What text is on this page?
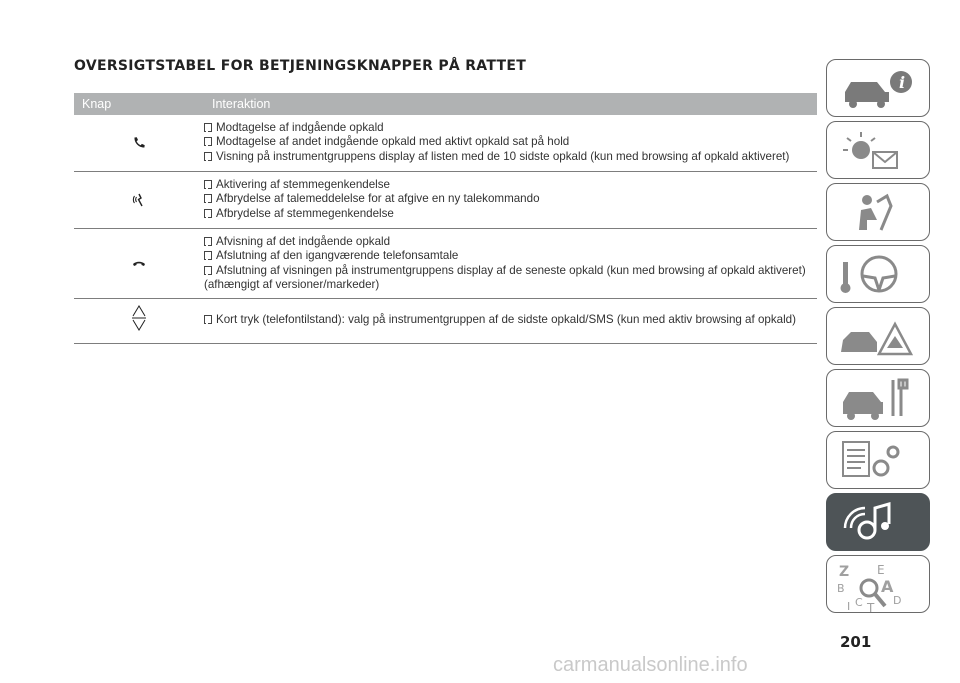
OVERSIGTSTABEL FOR BETJENINGSKNAPPER PÅ RATTET
Knap	Interaktion
Modtagelse af indgående opkald
Modtagelse af andet indgående opkald med aktivt opkald sat på hold
Visning på instrumentgruppens display af listen med de 10 sidste opkald (kun med browsing af opkald aktiveret)
Aktivering af stemmegenkendelse
Afbrydelse af talemeddelelse for at afgive en ny talekommando
Afbrydelse af stemmegenkendelse
Afvisning af det indgående opkald
Afslutning af den igangværende telefonsamtale
Afslutning af visningen på instrumentgruppens display af de seneste opkald (kun med browsing af opkald aktiveret) (afhængigt af versioner/markeder)
Kort tryk (telefontilstand): valg på instrumentgruppen af de sidste opkald/SMS (kun med aktiv browsing af opkald)
i
Z E
A
B
C	D
I T
201
carmanualsonline.info
